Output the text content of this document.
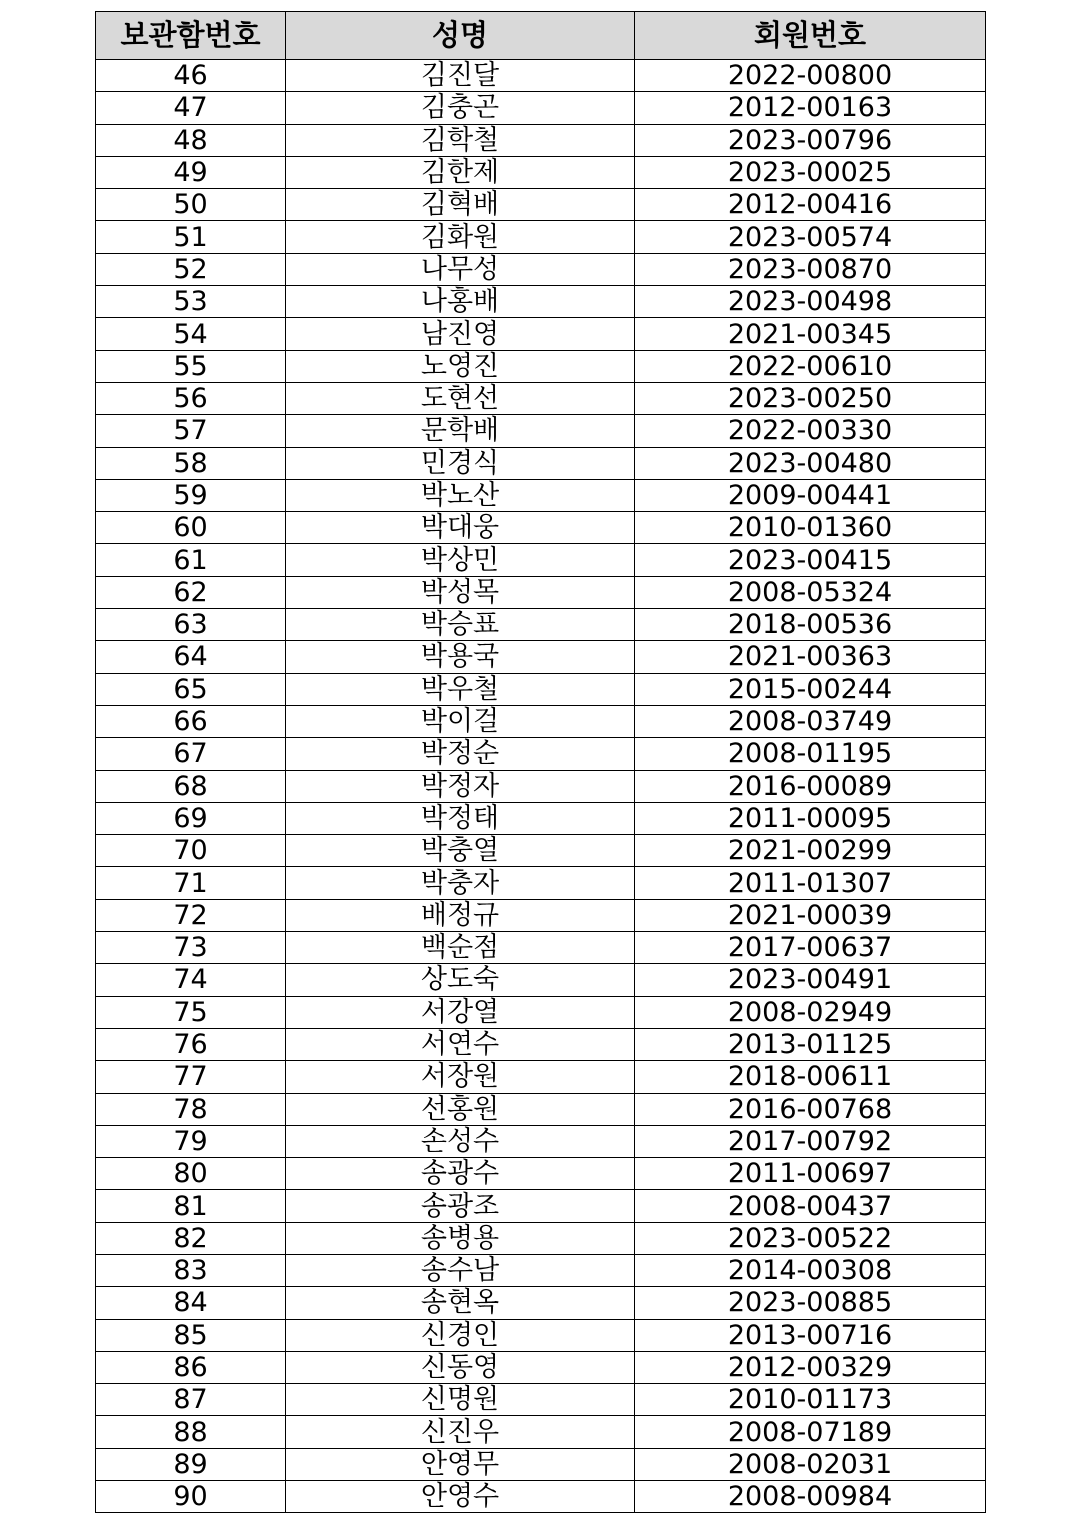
보관함번호	성명	회원번호
46	김진달	2022-00800
47	김충곤	2012-00163
48	김학철	2023-00796
49	김한제	2023-00025
50	김혁배	2012-00416
51	김화원	2023-00574
52	나무성	2023-00870
53	나홍배	2023-00498
54	남진영	2021-00345
55	노영진	2022-00610
56	도현선	2023-00250
57	문학배	2022-00330
58	민경식	2023-00480
59	박노산	2009-00441
60	박대웅	2010-01360
61	박상민	2023-00415
62	박성목	2008-05324
63	박승표	2018-00536
64	박용국	2021-00363
65	박우철	2015-00244
66	박이걸	2008-03749
67	박정순	2008-01195
68	박정자	2016-00089
69	박정태	2011-00095
70	박충열	2021-00299
71	박충자	2011-01307
72	배정규	2021-00039
73	백순점	2017-00637
74	상도숙	2023-00491
75	서강열	2008-02949
76	서연수	2013-01125
77	서장원	2018-00611
78	선홍원	2016-00768
79	손성수	2017-00792
80	송광수	2011-00697
81	송광조	2008-00437
82	송병용	2023-00522
83	송수남	2014-00308
84	송현옥	2023-00885
85	신경인	2013-00716
86	신동영	2012-00329
87	신명원	2010-01173
88	신진우	2008-07189
89	안영무	2008-02031
90	안영수	2008-00984
